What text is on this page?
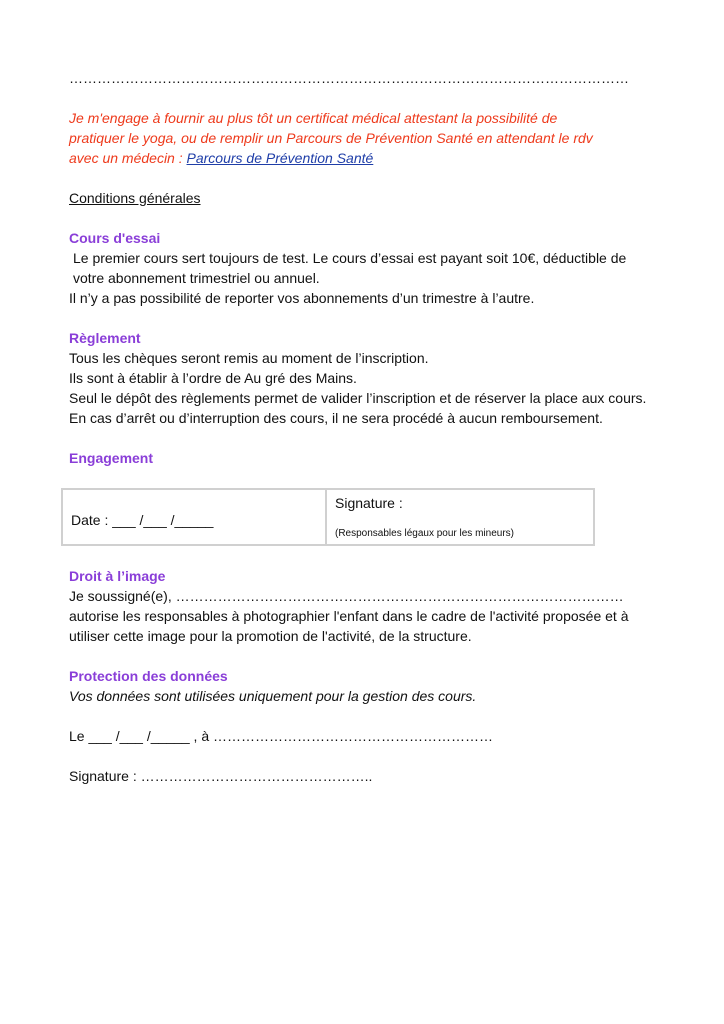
…………………………………………………………………………………………………………

Je m'engage à fournir au plus tôt un certificat médical attestant la possibilité de pratiquer le yoga, ou de remplir un Parcours de Prévention Santé en attendant le rdv avec un médecin : Parcours de Prévention Santé

Conditions générales

Cours d'essai

Le premier cours sert toujours de test. Le cours d’essai est payant soit 10€, déductible de votre abonnement trimestriel ou annuel.

Il n’y a pas possibilité de reporter vos abonnements d’un trimestre à l’autre.

Règlement

Tous les chèques seront remis au moment de l’inscription.

Ils sont à établir à l’ordre de Au gré des Mains.

Seul le dépôt des règlements permet de valider l’inscription et de réserver la place aux cours.

En cas d’arrêt ou d’interruption des cours, il ne sera procédé à aucun remboursement.

Engagement

Date : ___ /___ /_____

Signature :
(Responsables légaux pour les mineurs)

Droit à l’image

Je soussigné(e), ……………………………………………………………………………………

autorise les responsables à photographier l'enfant dans le cadre de l'activité proposée et à utiliser cette image pour la promotion de l'activité, de la structure.

Protection des données

Vos données sont utilisées uniquement pour la gestion des cours.

Le ___ /___ /_____ , à ……………………………………………………

Signature : …………………………………………..
